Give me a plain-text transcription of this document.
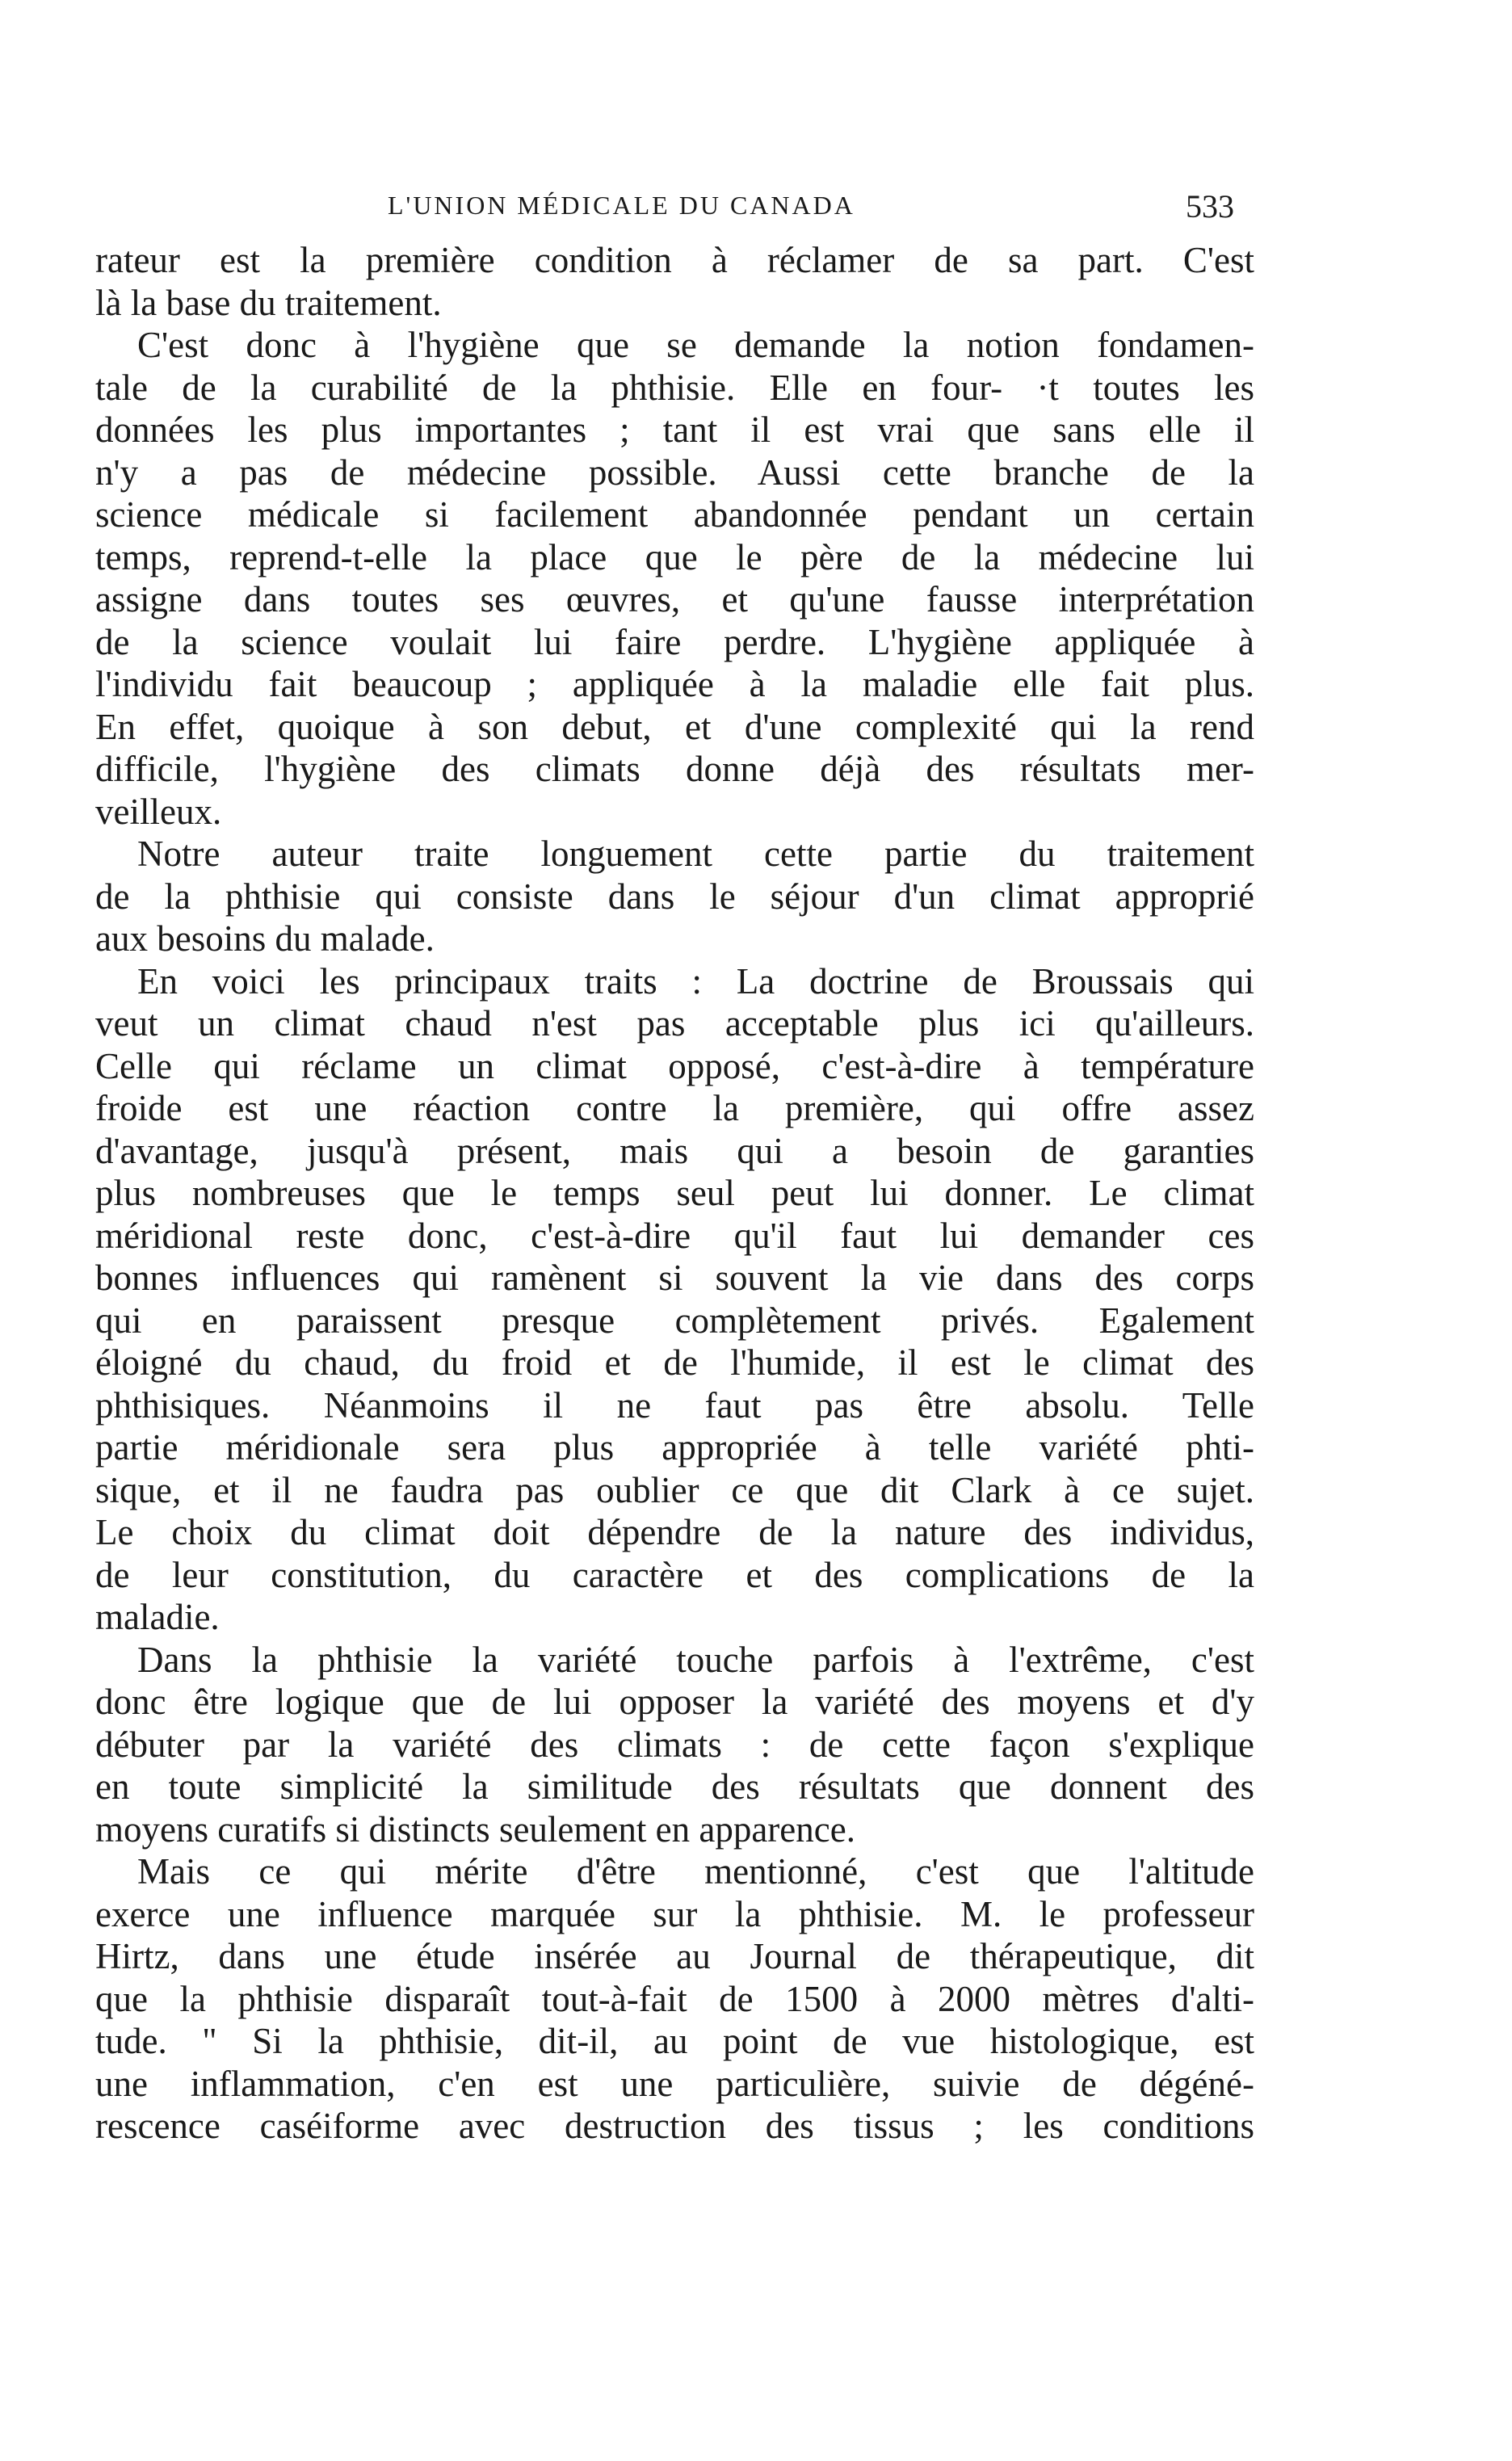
L'UNION MÉDICALE DU CANADA	533
rateur est la première condition à réclamer de sa part. C'est
là la base du traitement.
C'est donc à l'hygiène que se demande la notion fondamen-
tale de la curabilité de la phthisie. Elle en four- ·t toutes les
données les plus importantes ; tant il est vrai que sans elle il
n'y a pas de médecine possible. Aussi cette branche de la
science médicale si facilement abandonnée pendant un certain
temps, reprend-t-elle la place que le père de la médecine lui
assigne dans toutes ses œuvres, et qu'une fausse interprétation
de la science voulait lui faire perdre. L'hygiène appliquée à
l'individu fait beaucoup ; appliquée à la maladie elle fait plus.
En effet, quoique à son debut, et d'une complexité qui la rend
difficile, l'hygiène des climats donne déjà des résultats mer-
veilleux.
Notre auteur traite longuement cette partie du traitement
de la phthisie qui consiste dans le séjour d'un climat approprié
aux besoins du malade.
En voici les principaux traits : La doctrine de Broussais qui
veut un climat chaud n'est pas acceptable plus ici qu'ailleurs.
Celle qui réclame un climat opposé, c'est-à-dire à température
froide est une réaction contre la première, qui offre assez
d'avantage, jusqu'à présent, mais qui a besoin de garanties
plus nombreuses que le temps seul peut lui donner. Le climat
méridional reste donc, c'est-à-dire qu'il faut lui demander ces
bonnes influences qui ramènent si souvent la vie dans des corps
qui en paraissent presque complètement privés. Egalement
éloigné du chaud, du froid et de l'humide, il est le climat des
phthisiques. Néanmoins il ne faut pas être absolu. Telle
partie méridionale sera plus appropriée à telle variété phti-
sique, et il ne faudra pas oublier ce que dit Clark à ce sujet.
Le choix du climat doit dépendre de la nature des individus,
de leur constitution, du caractère et des complications de la
maladie.
Dans la phthisie la variété touche parfois à l'extrême, c'est
donc être logique que de lui opposer la variété des moyens et d'y
débuter par la variété des climats : de cette façon s'explique
en toute simplicité la similitude des résultats que donnent des
moyens curatifs si distincts seulement en apparence.
Mais ce qui mérite d'être mentionné, c'est que l'altitude
exerce une influence marquée sur la phthisie. M. le professeur
Hirtz, dans une étude insérée au Journal de thérapeutique, dit
que la phthisie disparaît tout-à-fait de 1500 à 2000 mètres d'alti-
tude. " Si la phthisie, dit-il, au point de vue histologique, est
une inflammation, c'en est une particulière, suivie de dégéné-
rescence caséiforme avec destruction des tissus ; les conditions
